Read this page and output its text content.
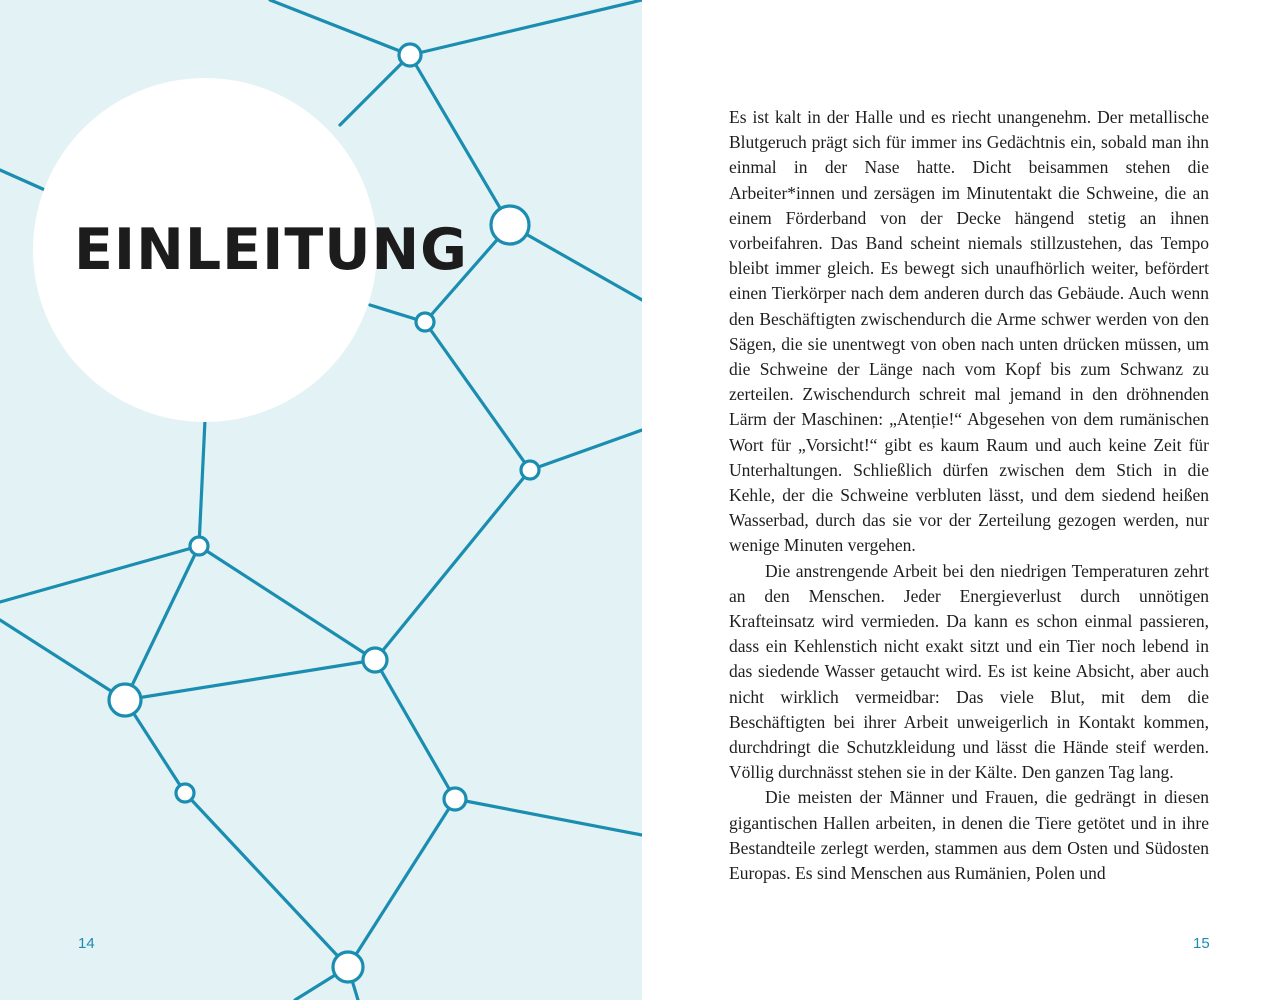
EINLEITUNG

14

Es ist kalt in der Halle und es riecht unangenehm. Der metallische Blutgeruch prägt sich für immer ins Gedächtnis ein, sobald man ihn einmal in der Nase hatte. Dicht beisammen stehen die Arbeiter*innen und zersägen im Minutentakt die Schweine, die an einem Förderband von der Decke hängend stetig an ihnen vorbeifahren. Das Band scheint niemals stillzustehen, das Tempo bleibt immer gleich. Es bewegt sich unaufhörlich weiter, befördert einen Tierkörper nach dem anderen durch das Gebäude. Auch wenn den Beschäftigten zwischendurch die Arme schwer werden von den Sägen, die sie unentwegt von oben nach unten drücken müssen, um die Schweine der Länge nach vom Kopf bis zum Schwanz zu zerteilen. Zwischendurch schreit mal jemand in den dröhnenden Lärm der Maschinen: „Atenție!“ Abgesehen von dem rumänischen Wort für „Vorsicht!“ gibt es kaum Raum und auch keine Zeit für Unterhaltungen. Schließlich dürfen zwischen dem Stich in die Kehle, der die Schweine verbluten lässt, und dem siedend heißen Wasserbad, durch das sie vor der Zerteilung gezogen werden, nur wenige Minuten vergehen.

Die anstrengende Arbeit bei den niedrigen Temperaturen zehrt an den Menschen. Jeder Energieverlust durch unnötigen Krafteinsatz wird vermieden. Da kann es schon einmal passieren, dass ein Kehlenstich nicht exakt sitzt und ein Tier noch lebend in das siedende Wasser getaucht wird. Es ist keine Absicht, aber auch nicht wirklich vermeidbar: Das viele Blut, mit dem die Beschäftigten bei ihrer Arbeit unweigerlich in Kontakt kommen, durchdringt die Schutzkleidung und lässt die Hände steif werden. Völlig durchnässt stehen sie in der Kälte. Den ganzen Tag lang.

Die meisten der Männer und Frauen, die gedrängt in diesen gigantischen Hallen arbeiten, in denen die Tiere getötet und in ihre Bestandteile zerlegt werden, stammen aus dem Osten und Südosten Europas. Es sind Menschen aus Rumänien, Polen und

15
